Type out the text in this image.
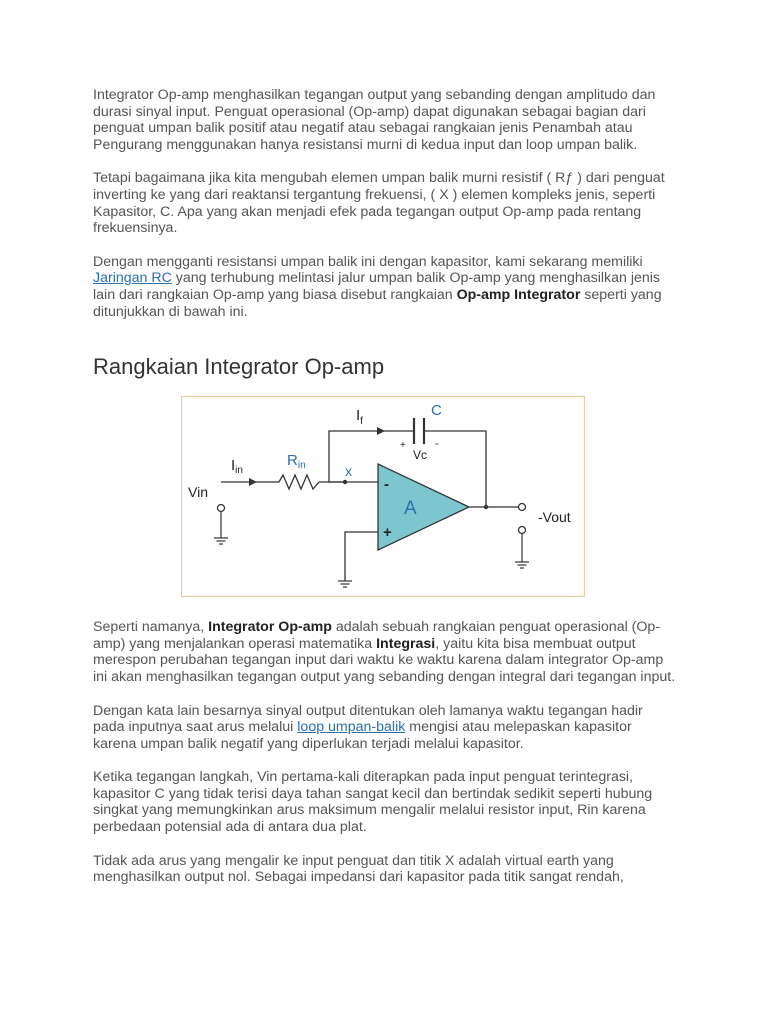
Integrator Op-amp menghasilkan tegangan output yang sebanding dengan amplitudo dan durasi sinyal input. Penguat operasional (Op-amp) dapat digunakan sebagai bagian dari penguat umpan balik positif atau negatif atau sebagai rangkaian jenis Penambah atau Pengurang menggunakan hanya resistansi murni di kedua input dan loop umpan balik.

Tetapi bagaimana jika kita mengubah elemen umpan balik murni resistif ( Rƒ ) dari penguat inverting ke yang dari reaktansi tergantung frekuensi, ( X ) elemen kompleks jenis, seperti Kapasitor, C. Apa yang akan menjadi efek pada tegangan output Op-amp pada rentang frekuensinya.

Dengan mengganti resistansi umpan balik ini dengan kapasitor, kami sekarang memiliki Jaringan RC yang terhubung melintasi jalur umpan balik Op-amp yang menghasilkan jenis lain dari rangkaian Op-amp yang biasa disebut rangkaian Op-amp Integrator seperti yang ditunjukkan di bawah ini.

Rangkaian Integrator Op-amp
$I_f$
C
+	-
Vc
$I_{in}$
$R_{in}$	x
Vin
A
-
+
-Vout

Seperti namanya, Integrator Op-amp adalah sebuah rangkaian penguat operasional (Op-amp) yang menjalankan operasi matematika Integrasi, yaitu kita bisa membuat output merespon perubahan tegangan input dari waktu ke waktu karena dalam integrator Op-amp ini akan menghasilkan tegangan output yang sebanding dengan integral dari tegangan input.

Dengan kata lain besarnya sinyal output ditentukan oleh lamanya waktu tegangan hadir pada inputnya saat arus melalui loop umpan-balik mengisi atau melepaskan kapasitor karena umpan balik negatif yang diperlukan terjadi melalui kapasitor.

Ketika tegangan langkah, Vin pertama-kali diterapkan pada input penguat terintegrasi, kapasitor C yang tidak terisi daya tahan sangat kecil dan bertindak sedikit seperti hubung singkat yang memungkinkan arus maksimum mengalir melalui resistor input, Rin karena perbedaan potensial ada di antara dua plat.

Tidak ada arus yang mengalir ke input penguat dan titik X adalah virtual earth yang menghasilkan output nol. Sebagai impedansi dari kapasitor pada titik sangat rendah,
